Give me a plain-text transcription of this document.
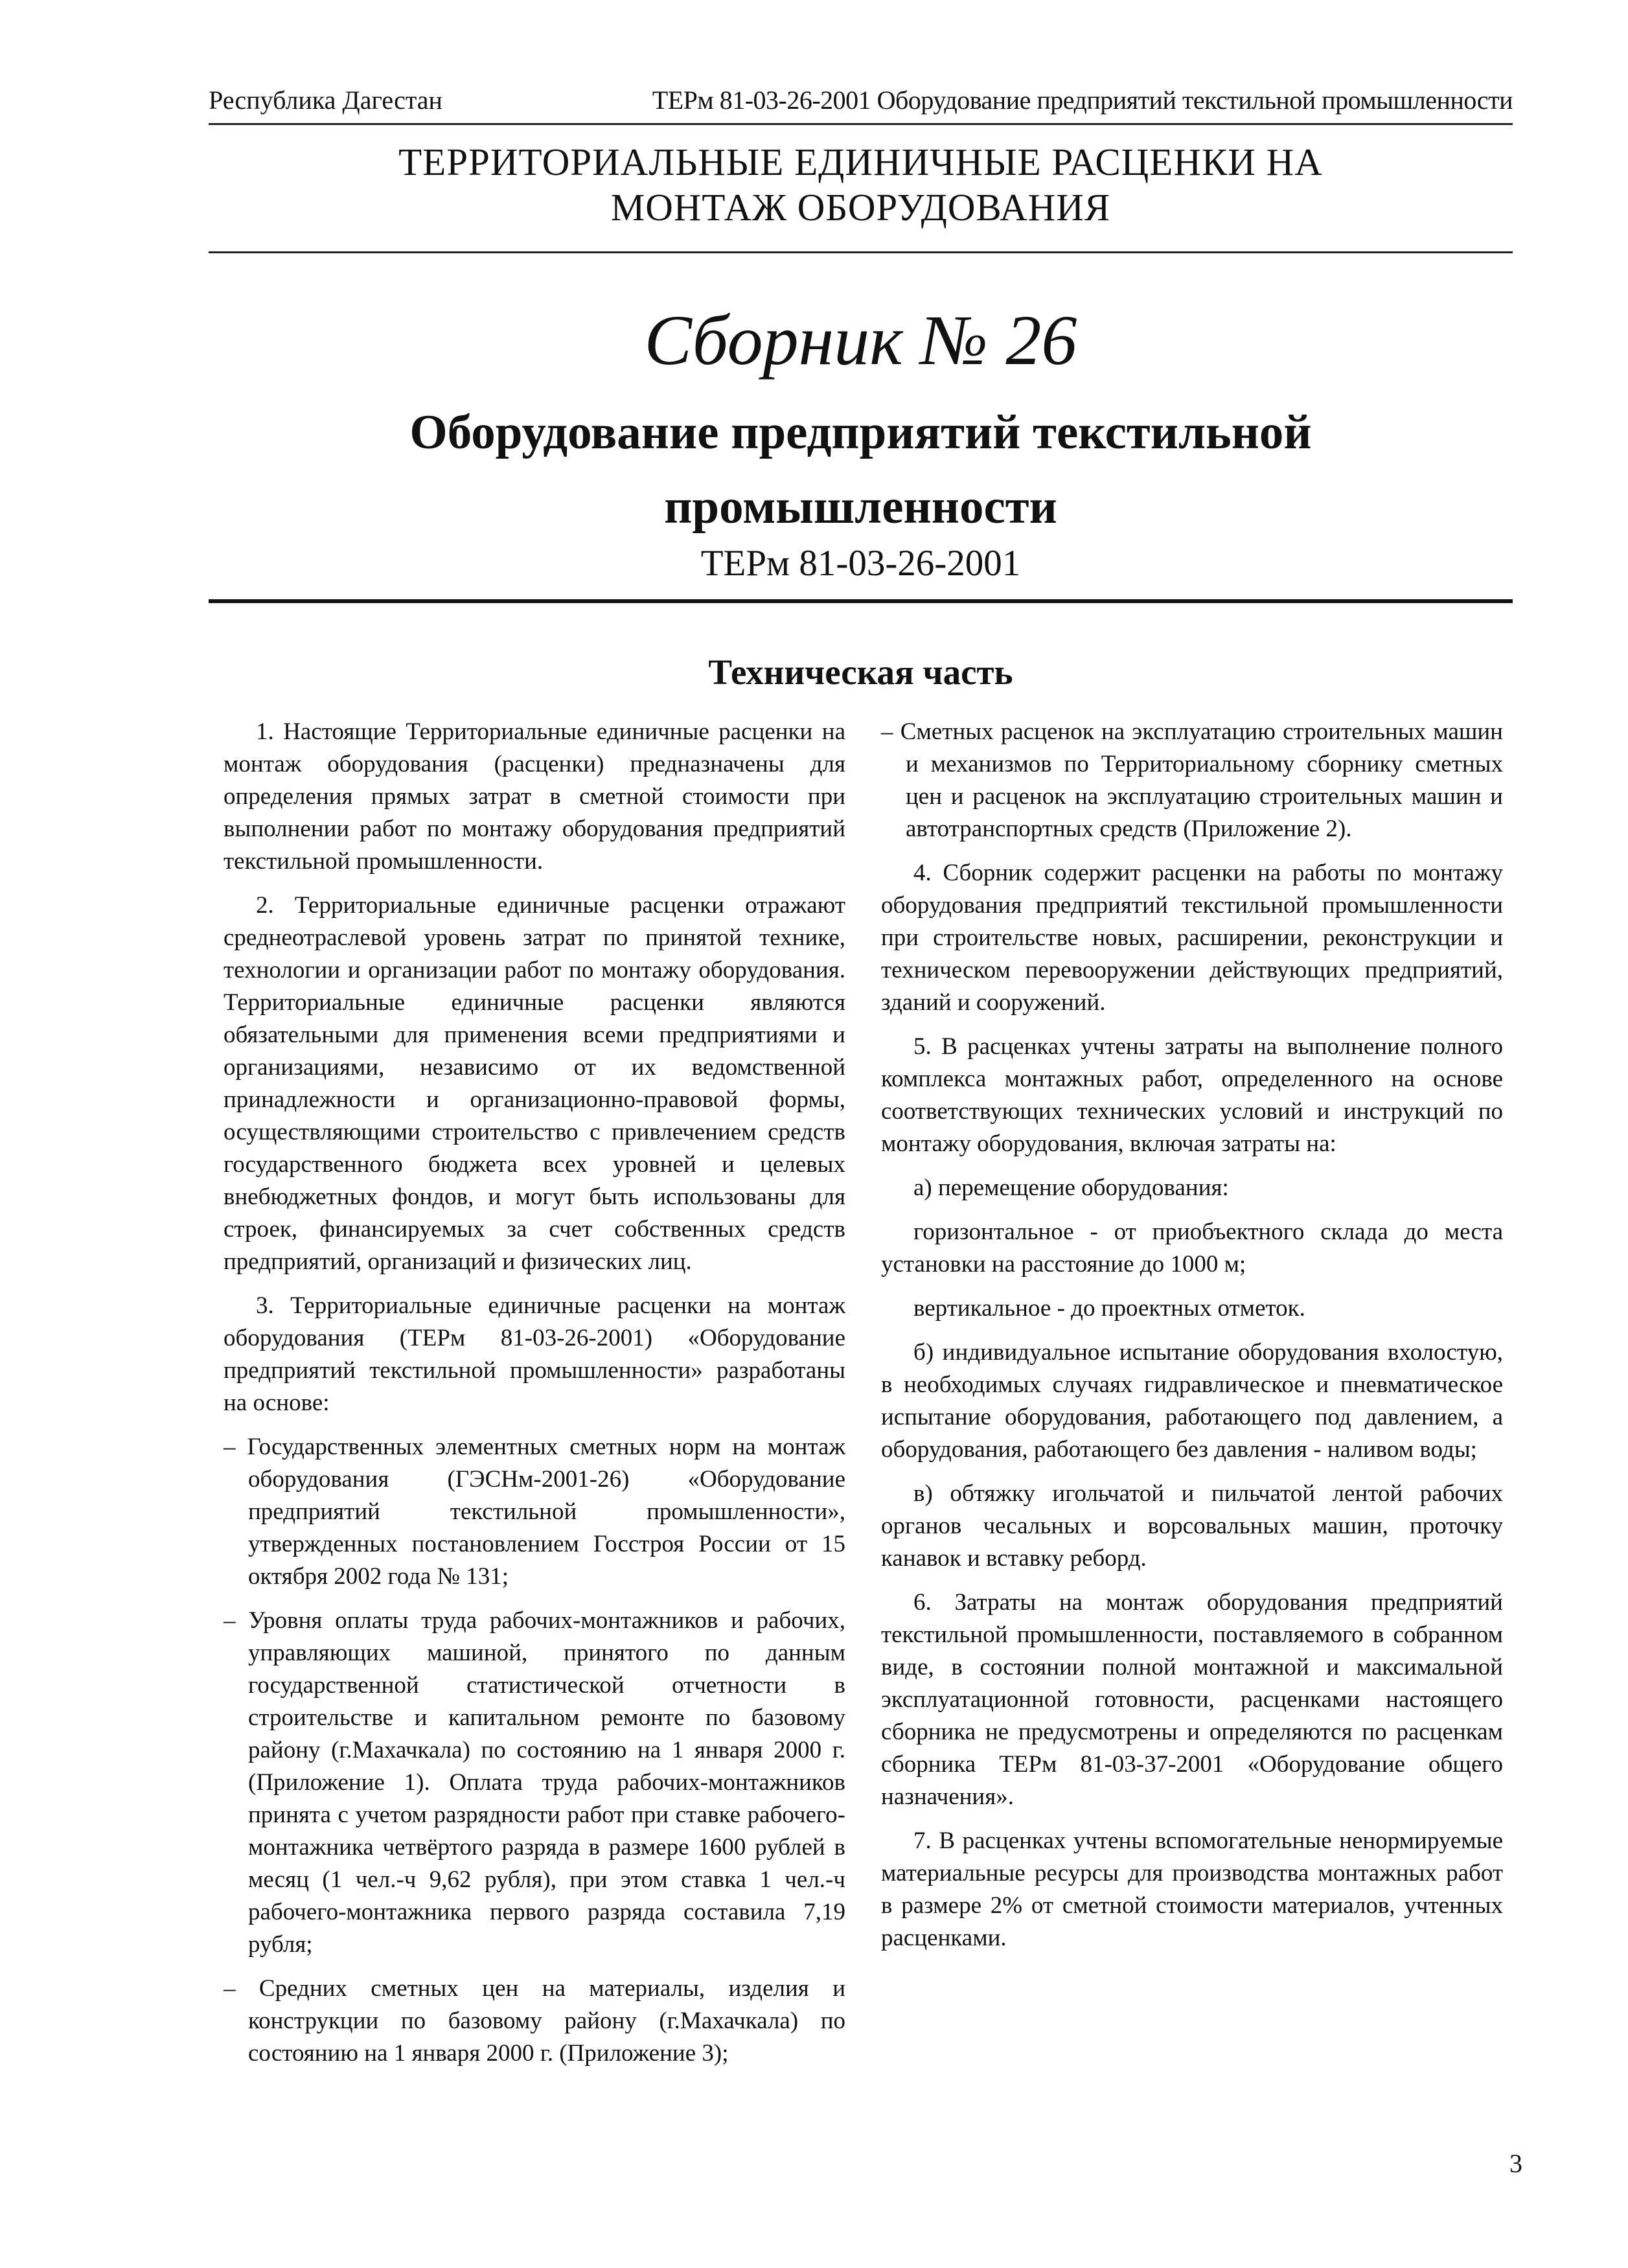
Республика Дагестан	ТЕРм 81-03-26-2001 Оборудование предприятий текстильной промышленности
ТЕРРИТОРИАЛЬНЫЕ ЕДИНИЧНЫЕ РАСЦЕНКИ НА
МОНТАЖ ОБОРУДОВАНИЯ
Сборник № 26
Оборудование предприятий текстильной
промышленности
ТЕРм 81-03-26-2001
Техническая часть

1. Настоящие Территориальные единичные расценки на монтаж оборудования (расценки) предназначены для определения прямых затрат в сметной стоимости при выполнении работ по монтажу оборудования предприятий текстильной промышленности.

2. Территориальные единичные расценки отражают среднеотраслевой уровень затрат по принятой технике, технологии и организации работ по монтажу оборудования. Территориальные единичные расценки являются обязательными для применения всеми предприятиями и организациями, независимо от их ведомственной принадлежности и организационно-правовой формы, осуществляющими строительство с привлечением средств государственного бюджета всех уровней и целевых внебюджетных фондов, и могут быть использованы для строек, финансируемых за счет собственных средств предприятий, организаций и физических лиц.

3. Территориальные единичные расценки на монтаж оборудования (ТЕРм 81-03-26-2001) «Оборудование предприятий текстильной промышленности» разработаны на основе:

– Государственных элементных сметных норм на монтаж оборудования (ГЭСНм-2001-26) «Оборудование предприятий текстильной промышленности», утвержденных постановлением Госстроя России от 15 октября 2002 года № 131;

– Уровня оплаты труда рабочих-монтажников и рабочих, управляющих машиной, принятого по данным государственной статистической отчетности в строительстве и капитальном ремонте по базовому району (г.Махачкала) по состоянию на 1 января 2000 г. (Приложение 1). Оплата труда рабочих-монтажников принята с учетом разрядности работ при ставке рабочего-монтажника четвёртого разряда в размере 1600 рублей в месяц (1 чел.-ч 9,62 рубля), при этом ставка 1 чел.-ч рабочего-монтажника первого разряда составила 7,19 рубля;

– Средних сметных цен на материалы, изделия и конструкции по базовому району (г.Махачкала) по состоянию на 1 января 2000 г. (Приложение 3);

– Сметных расценок на эксплуатацию строительных машин и механизмов по Территориальному сборнику сметных цен и расценок на эксплуатацию строительных машин и автотранспортных средств (Приложение 2).

4. Сборник содержит расценки на работы по монтажу оборудования предприятий текстильной промышленности при строительстве новых, расширении, реконструкции и техническом перевооружении действующих предприятий, зданий и сооружений.

5. В расценках учтены затраты на выполнение полного комплекса монтажных работ, определенного на основе соответствующих технических условий и инструкций по монтажу оборудования, включая затраты на:

а) перемещение оборудования:

горизонтальное - от приобъектного склада до места установки на расстояние до 1000 м;

вертикальное - до проектных отметок.

б) индивидуальное испытание оборудования вхолостую, в необходимых случаях гидравлическое и пневматическое испытание оборудования, работающего под давлением, а оборудования, работающего без давления - наливом воды;

в) обтяжку игольчатой и пильчатой лентой рабочих органов чесальных и ворсовальных машин, проточку канавок и вставку реборд.

6. Затраты на монтаж оборудования предприятий текстильной промышленности, поставляемого в собранном виде, в состоянии полной монтажной и максимальной эксплуатационной готовности, расценками настоящего сборника не предусмотрены и определяются по расценкам сборника ТЕРм 81-03-37-2001 «Оборудование общего назначения».

7. В расценках учтены вспомогательные ненормируемые материальные ресурсы для производства монтажных работ в размере 2% от сметной стоимости материалов, учтенных расценками.

3
